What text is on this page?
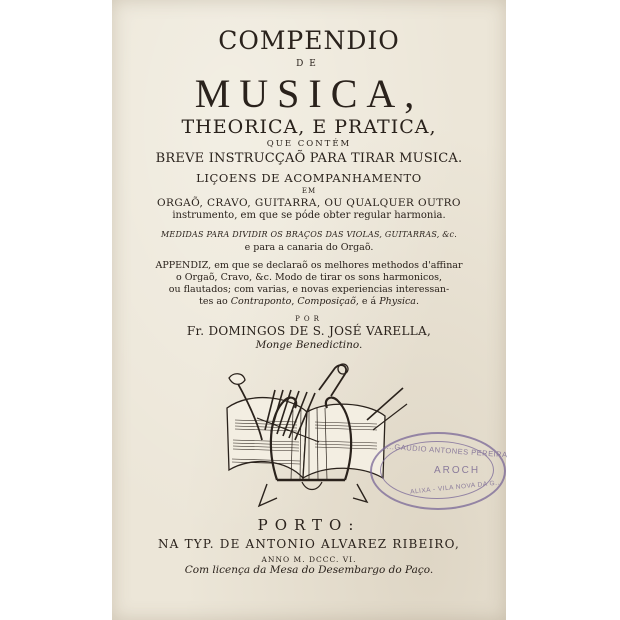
COMPENDIO
DE
MUSICA,
THEORICA, E PRATICA,
QUE CONTÉM
BREVE INSTRUCÇAÕ PARA TIRAR MUSICA.
LIÇOENS DE ACOMPANHAMENTO
EM
ORGAÕ, CRAVO, GUITARRA, OU QUALQUER OUTRO
instrumento, em que se póde obter regular harmonia.
MEDIDAS PARA DIVIDIR OS BRAÇOS DAS VIOLAS, GUITARRAS, &c.
e para a canaria do Orgaõ.
APPENDIZ, em que se declaraõ os melhores methodos d'affinar
o Orgaõ, Cravo, &c. Modo de tirar os sons harmonicos,
ou flautados; com varias, e novas experiencias interessan-
tes ao Contraponto, Composiçaõ, e á Physica.
POR
Fr. DOMINGOS DE S. JOSÉ VARELLA,
Monge Benedictino.
....GAUDIO ANTONES PEREIRA
AROCH
ALIXA - VILA NOVA DA G...
PORTO:
NA TYP. DE ANTONIO ALVAREZ RIBEIRO,
ANNO M. DCCC. VI.
Com licença da Mesa do Desembargo do Paço.
